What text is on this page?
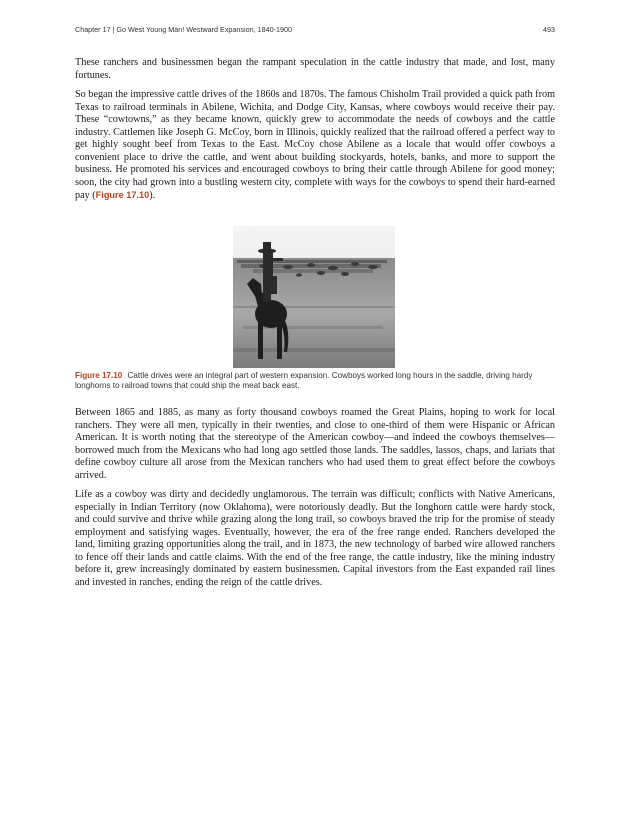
Chapter 17 | Go West Young Man! Westward Expansion, 1840-1900	493

These ranchers and businessmen began the rampant speculation in the cattle industry that made, and lost, many fortunes.

So began the impressive cattle drives of the 1860s and 1870s. The famous Chisholm Trail provided a quick path from Texas to railroad terminals in Abilene, Wichita, and Dodge City, Kansas, where cowboys would receive their pay. These “cowtowns,” as they became known, quickly grew to accommodate the needs of cowboys and the cattle industry. Cattlemen like Joseph G. McCoy, born in Illinois, quickly realized that the railroad offered a perfect way to get highly sought beef from Texas to the East. McCoy chose Abilene as a locale that would offer cowboys a convenient place to drive the cattle, and went about building stockyards, hotels, banks, and more to support the business. He promoted his services and encouraged cowboys to bring their cattle through Abilene for good money; soon, the city had grown into a bustling western city, complete with ways for the cowboys to spend their hard-earned pay (Figure 17.10).

Figure 17.10 Cattle drives were an integral part of western expansion. Cowboys worked long hours in the saddle, driving hardy longhorns to railroad towns that could ship the meat back east.

Between 1865 and 1885, as many as forty thousand cowboys roamed the Great Plains, hoping to work for local ranchers. They were all men, typically in their twenties, and close to one-third of them were Hispanic or African American. It is worth noting that the stereotype of the American cowboy—and indeed the cowboys themselves—borrowed much from the Mexicans who had long ago settled those lands. The saddles, lassos, chaps, and lariats that define cowboy culture all arose from the Mexican ranchers who had used them to great effect before the cowboys arrived.

Life as a cowboy was dirty and decidedly unglamorous. The terrain was difficult; conflicts with Native Americans, especially in Indian Territory (now Oklahoma), were notoriously deadly. But the longhorn cattle were hardy stock, and could survive and thrive while grazing along the long trail, so cowboys braved the trip for the promise of steady employment and satisfying wages. Eventually, however, the era of the free range ended. Ranchers developed the land, limiting grazing opportunities along the trail, and in 1873, the new technology of barbed wire allowed ranchers to fence off their lands and cattle claims. With the end of the free range, the cattle industry, like the mining industry before it, grew increasingly dominated by eastern businessmen. Capital investors from the East expanded rail lines and invested in ranches, ending the reign of the cattle drives.
